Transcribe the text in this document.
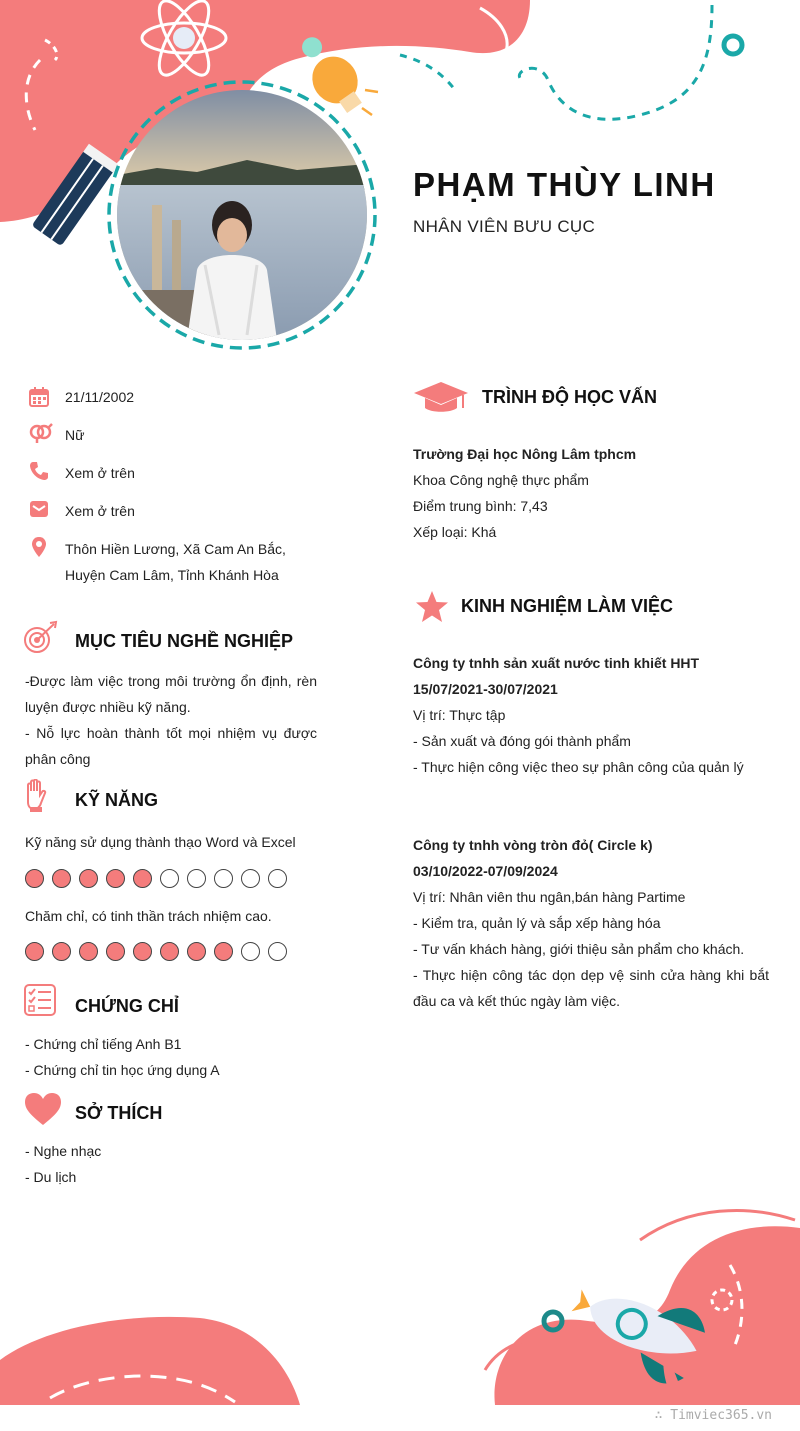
PHẠM THÙY LINH
NHÂN VIÊN BƯU CỤC
21/11/2002
Nữ
Xem ở trên
Xem ở trên
Thôn Hiền Lương, Xã Cam An Bắc,
Huyện Cam Lâm, Tỉnh Khánh Hòa
MỤC TIÊU NGHỀ NGHIỆP
-Được làm việc trong môi trường ổn định, rèn luyện được nhiều kỹ năng.
- Nỗ lực hoàn thành tốt mọi nhiệm vụ được phân công
KỸ NĂNG
Kỹ năng sử dụng thành thạo Word và Excel
Chăm chỉ, có tinh thần trách nhiệm cao.
CHỨNG CHỈ
- Chứng chỉ tiếng Anh B1
- Chứng chỉ tin học ứng dụng A
SỞ THÍCH
- Nghe nhạc
- Du lịch
TRÌNH ĐỘ HỌC VẤN
Trường Đại học Nông Lâm tphcm
Khoa Công nghệ thực phẩm
Điểm trung bình: 7,43
Xếp loại: Khá
KINH NGHIỆM LÀM VIỆC
Công ty tnhh sản xuất nước tinh khiết HHT
15/07/2021-30/07/2021
Vị trí: Thực tập
- Sản xuất và đóng gói thành phẩm
- Thực hiện công việc theo sự phân công của quản lý
Công ty tnhh vòng tròn đỏ( Circle k)
03/10/2022-07/09/2024
Vị trí: Nhân viên thu ngân,bán hàng Partime
- Kiểm tra, quản lý và sắp xếp hàng hóa
- Tư vấn khách hàng, giới thiệu sản phẩm cho khách.
- Thực hiện công tác dọn dẹp vệ sinh cửa hàng khi bắt đầu ca và kết thúc ngày làm việc.
∴ Timviec365.vn
